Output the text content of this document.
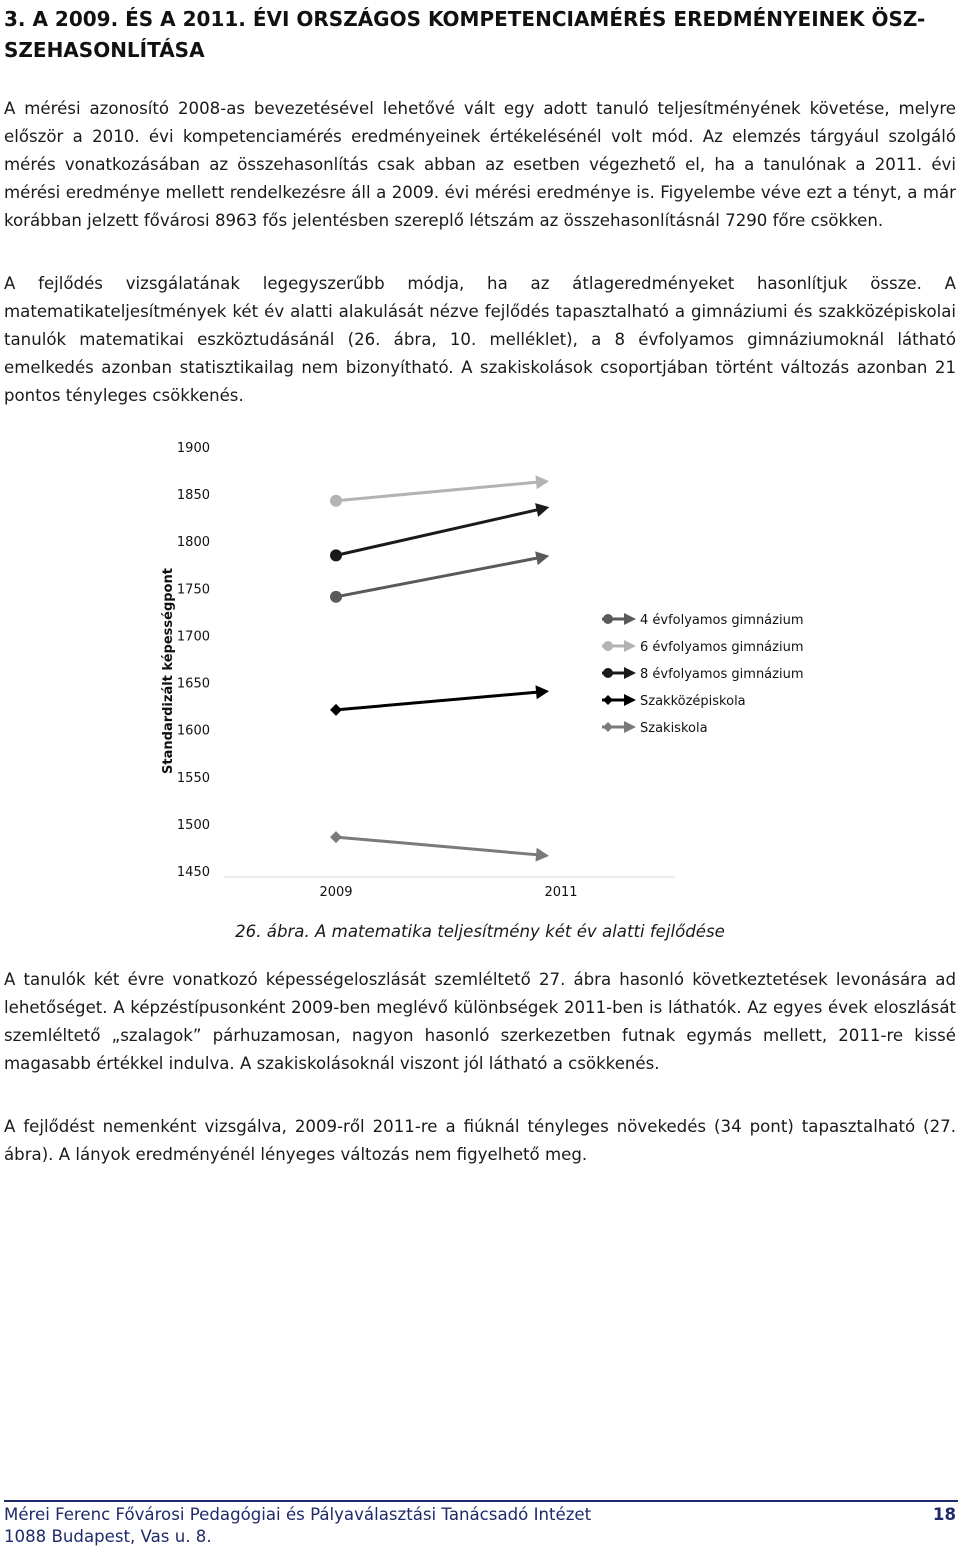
3. A 2009. ÉS A 2011. ÉVI ORSZÁGOS KOMPETENCIAMÉRÉS EREDMÉNYEINEK ÖSZ-SZEHASONLÍTÁSA

A mérési azonosító 2008-as bevezetésével lehetővé vált egy adott tanuló teljesítményének követése, melyre először a 2010. évi kompetenciamérés eredményeinek értékelésénél volt mód. Az elemzés tárgyául szolgáló mérés vonatkozásában az összehasonlítás csak abban az esetben végezhető el, ha a tanulónak a 2011. évi mérési eredménye mellett rendelkezésre áll a 2009. évi mérési eredménye is. Figyelembe véve ezt a tényt, a már korábban jelzett fővárosi 8963 fős jelentésben szereplő létszám az összehasonlításnál 7290 főre csökken.

A fejlődés vizsgálatának legegyszerűbb módja, ha az átlageredményeket hasonlítjuk össze. A matematikateljesítmények két év alatti alakulását nézve fejlődés tapasztalható a gimnáziumi és szakközépiskolai tanulók matematikai eszköztudásánál (26. ábra, 10. melléklet), a 8 évfolyamos gimnáziumoknál látható emelkedés azonban statisztikailag nem bizonyítható. A szakiskolások csoportjában történt változás azonban 21 pontos tényleges csökkenés.

1900
1850
1800
1750
1700
1650
1600
1550
1500
1450
Standardizált képességpont
2009	2011
4 évfolyamos gimnázium
6 évfolyamos gimnázium
8 évfolyamos gimnázium
Szakközépiskola
Szakiskola

26. ábra. A matematika teljesítmény két év alatti fejlődése

A tanulók két évre vonatkozó képességeloszlását szemléltető 27. ábra hasonló következtetések levonására ad lehetőséget. A képzéstípusonként 2009-ben meglévő különbségek 2011-ben is láthatók. Az egyes évek eloszlását szemléltető „szalagok” párhuzamosan, nagyon hasonló szerkezetben futnak egymás mellett, 2011-re kissé magasabb értékkel indulva. A szakiskolásoknál viszont jól látható a csökkenés.

A fejlődést nemenként vizsgálva, 2009-ről 2011-re a fiúknál tényleges növekedés (34 pont) tapasztalható (27. ábra). A lányok eredményénél lényeges változás nem figyelhető meg.

Mérei Ferenc Fővárosi Pedagógiai és Pályaválasztási Tanácsadó Intézet
1088 Budapest, Vas u. 8.
18
